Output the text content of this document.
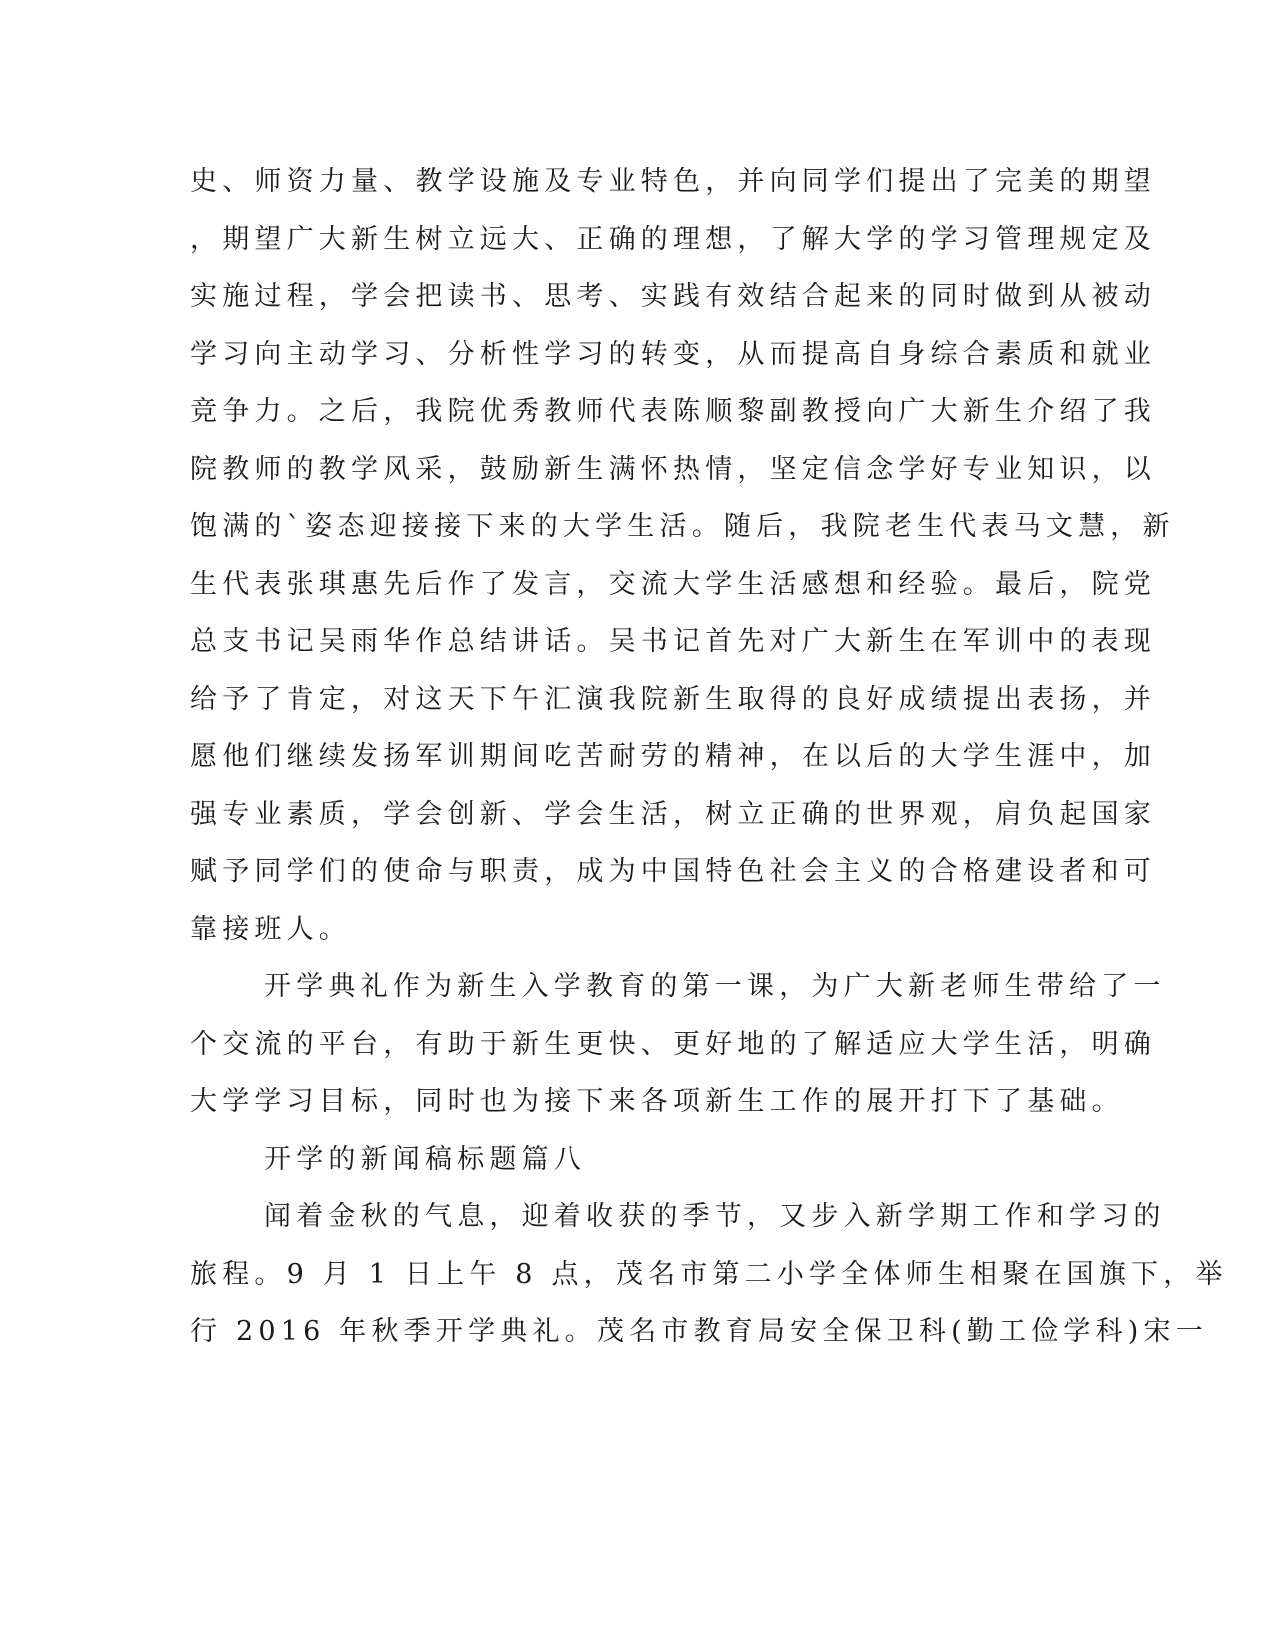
史、师资力量、教学设施及专业特色，并向同学们提出了完美的期望
，期望广大新生树立远大、正确的理想，了解大学的学习管理规定及
实施过程，学会把读书、思考、实践有效结合起来的同时做到从被动
学习向主动学习、分析性学习的转变，从而提高自身综合素质和就业
竞争力。之后，我院优秀教师代表陈顺黎副教授向广大新生介绍了我
院教师的教学风采，鼓励新生满怀热情，坚定信念学好专业知识，以
饱满的`姿态迎接接下来的大学生活。随后，我院老生代表马文慧，新
生代表张琪惠先后作了发言，交流大学生活感想和经验。最后，院党
总支书记吴雨华作总结讲话。吴书记首先对广大新生在军训中的表现
给予了肯定，对这天下午汇演我院新生取得的良好成绩提出表扬，并
愿他们继续发扬军训期间吃苦耐劳的精神，在以后的大学生涯中，加
强专业素质，学会创新、学会生活，树立正确的世界观，肩负起国家
赋予同学们的使命与职责，成为中国特色社会主义的合格建设者和可
靠接班人。
开学典礼作为新生入学教育的第一课，为广大新老师生带给了一
个交流的平台，有助于新生更快、更好地的了解适应大学生活，明确
大学学习目标，同时也为接下来各项新生工作的展开打下了基础。
开学的新闻稿标题篇八
闻着金秋的气息，迎着收获的季节，又步入新学期工作和学习的
旅程。9 月 1 日上午 8 点，茂名市第二小学全体师生相聚在国旗下，举
行 2016 年秋季开学典礼。茂名市教育局安全保卫科(勤工俭学科)宋一
